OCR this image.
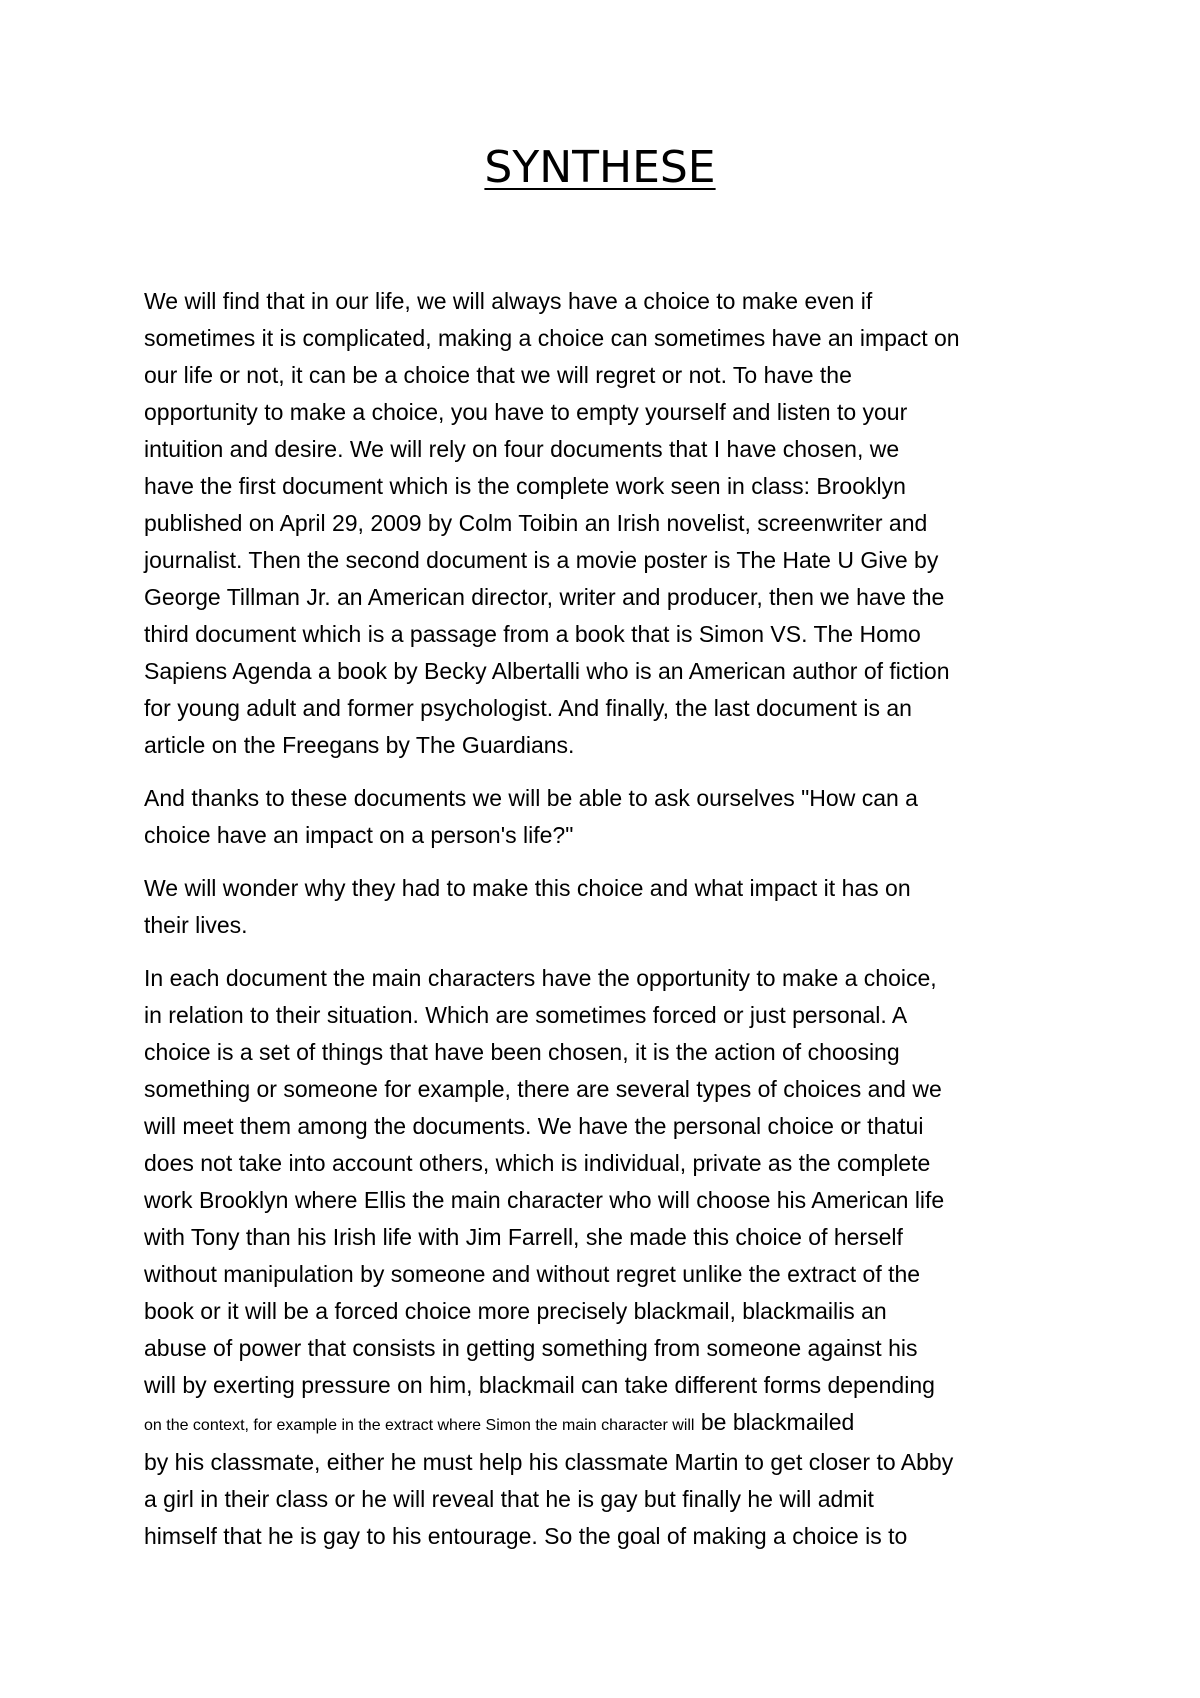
SYNTHESE

We will find that in our life, we will always have a choice to make even if
sometimes it is complicated, making a choice can sometimes have an impact on
our life or not, it can be a choice that we will regret or not. To have the
opportunity to make a choice, you have to empty yourself and listen to your
intuition and desire. We will rely on four documents that I have chosen, we
have the first document which is the complete work seen in class: Brooklyn
published on April 29, 2009 by Colm Toibin an Irish novelist, screenwriter and
journalist. Then the second document is a movie poster is The Hate U Give by
George Tillman Jr. an American director, writer and producer, then we have the
third document which is a passage from a book that is Simon VS. The Homo
Sapiens Agenda a book by Becky Albertalli who is an American author of fiction
for young adult and former psychologist. And finally, the last document is an
article on the Freegans by The Guardians.

And thanks to these documents we will be able to ask ourselves "How can a
choice have an impact on a person's life?"

We will wonder why they had to make this choice and what impact it has on
their lives.

In each document the main characters have the opportunity to make a choice,
in relation to their situation. Which are sometimes forced or just personal. A
choice is a set of things that have been chosen, it is the action of choosing
something or someone for example, there are several types of choices and we
will meet them among the documents. We have the personal choice or thatui
does not take into account others, which is individual, private as the complete
work Brooklyn where Ellis the main character who will choose his American life
with Tony than his Irish life with Jim Farrell, she made this choice of herself
without manipulation by someone and without regret unlike the extract of the
book or it will be a forced choice more precisely blackmail, blackmailis an
abuse of power that consists in getting something from someone against his
will by exerting pressure on him, blackmail can take different forms depending
on the context, for example in the extract where Simon the main character will be blackmailed
by his classmate, either he must help his classmate Martin to get closer to Abby
a girl in their class or he will reveal that he is gay but finally he will admit
himself that he is gay to his entourage. So the goal of making a choice is to
